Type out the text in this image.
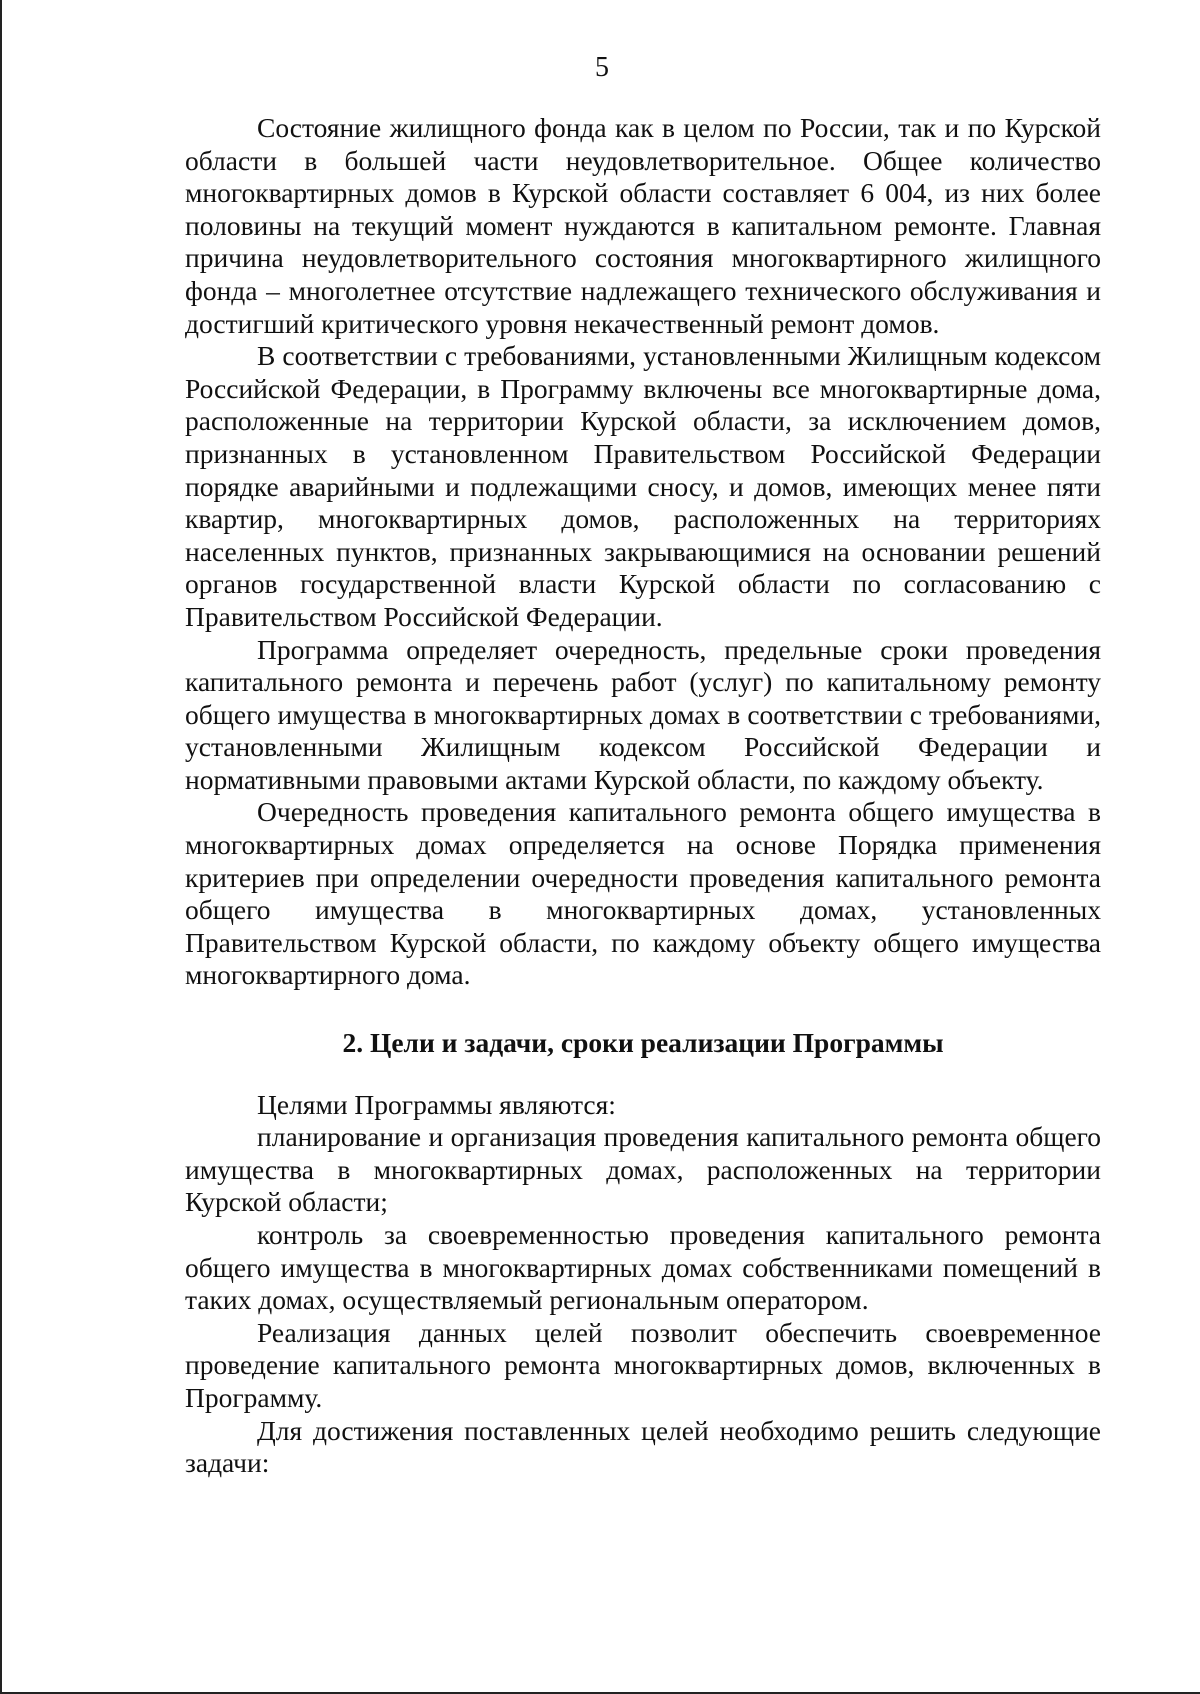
5

Состояние жилищного фонда как в целом по России, так и по Курской области в большей части неудовлетворительное. Общее количество многоквартирных домов в Курской области составляет 6 004, из них более половины на текущий момент нуждаются в капитальном ремонте. Главная причина неудовлетворительного состояния многоквартирного жилищного фонда – многолетнее отсутствие надлежащего технического обслуживания и достигший критического уровня некачественный ремонт домов.

В соответствии с требованиями, установленными Жилищным кодексом Российской Федерации, в Программу включены все многоквартирные дома, расположенные на территории Курской области, за исключением домов, признанных в установленном Правительством Российской Федерации порядке аварийными и подлежащими сносу, и домов, имеющих менее пяти квартир, многоквартирных домов, расположенных на территориях населенных пунктов, признанных закрывающимися на основании решений органов государственной власти Курской области по согласованию с Правительством Российской Федерации.

Программа определяет очередность, предельные сроки проведения капитального ремонта и перечень работ (услуг) по капитальному ремонту общего имущества в многоквартирных домах в соответствии с требованиями, установленными Жилищным кодексом Российской Федерации и нормативными правовыми актами Курской области, по каждому объекту.

Очередность проведения капитального ремонта общего имущества в многоквартирных домах определяется на основе Порядка применения критериев при определении очередности проведения капитального ремонта общего имущества в многоквартирных домах, установленных Правительством Курской области, по каждому объекту общего имущества многоквартирного дома.

2. Цели и задачи, сроки реализации Программы

Целями Программы являются:

планирование и организация проведения капитального ремонта общего имущества в многоквартирных домах, расположенных на территории Курской области;

контроль за своевременностью проведения капитального ремонта общего имущества в многоквартирных домах собственниками помещений в таких домах, осуществляемый региональным оператором.

Реализация данных целей позволит обеспечить своевременное проведение капитального ремонта многоквартирных домов, включенных в Программу.

Для достижения поставленных целей необходимо решить следующие задачи:
